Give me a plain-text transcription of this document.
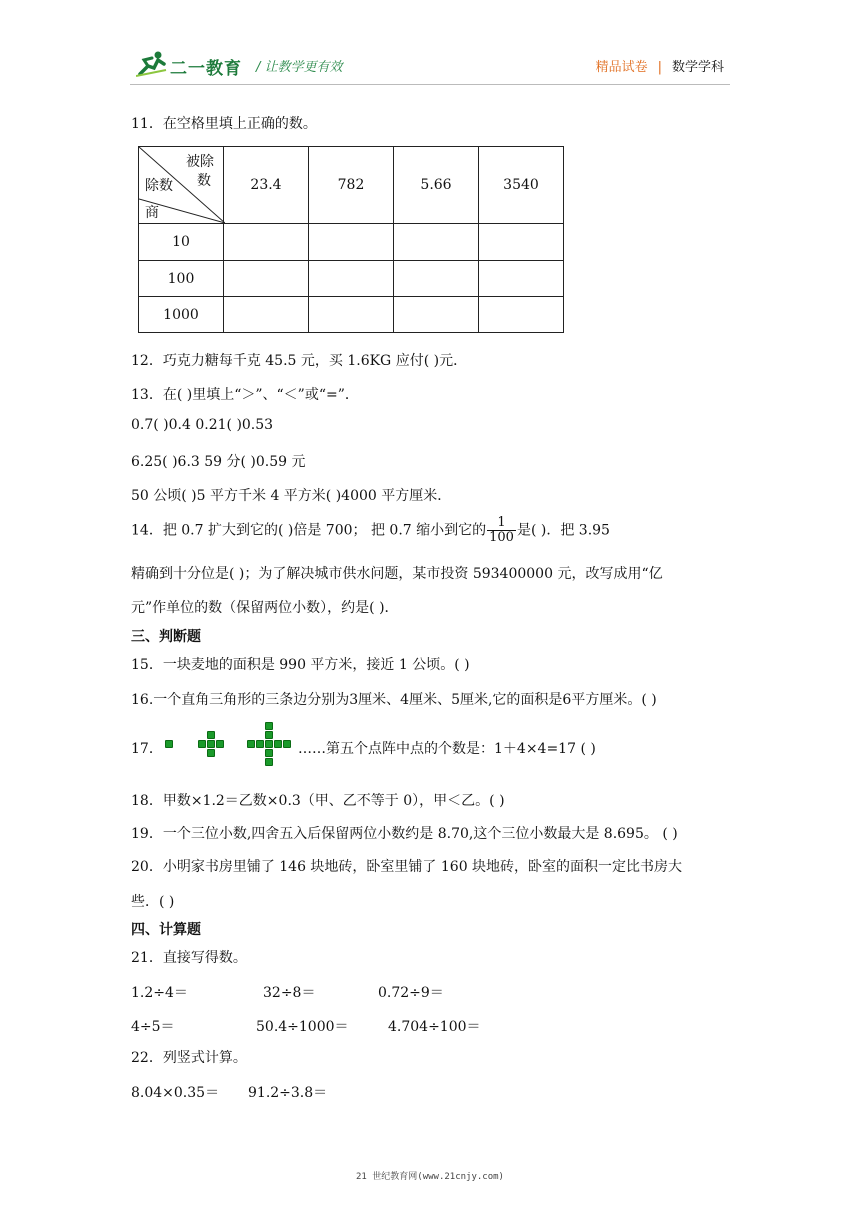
二一教育 / 让教学更有效	精品试卷 | 数学学科
11．在空格里填上正确的数。
被除
数
除数
商	23.4	782	5.66	3540
10				
100				
1000				
12．巧克力糖每千克 45.5 元，买 1.6KG 应付( )元．
13．在( )里填上“＞”、“＜”或“=”．
0.7( )0.4 0.21( )0.53
6.25( )6.3 59 分( )0.59 元
50 公顷( )5 平方千米 4 平方米( )4000 平方厘米．
14．把 0.7 扩大到它的( )倍是 700； 把 0.7 缩小到它的 $\frac{1}{100}$ 是( )．把 3.95
精确到十分位是( )；为了解决城市供水问题，某市投资 593400000 元，改写成用“亿
元”作单位的数（保留两位小数），约是( )．
三、判断题
15．一块麦地的面积是 990 平方米，接近 1 公顷。( )
16.一个直角三角形的三条边分别为3厘米、4厘米、5厘米,它的面积是6平方厘米。( )
17．	……第五个点阵中点的个数是：1＋4×4=17 ( )
18．甲数×1.2＝乙数×0.3（甲、乙不等于 0），甲＜乙。( )
19．一个三位小数,四舍五入后保留两位小数约是 8.70,这个三位小数最大是 8.695。 ( )
20．小明家书房里铺了 146 块地砖，卧室里铺了 160 块地砖，卧室的面积一定比书房大
些．( )
四、计算题
21．直接写得数。
1.2÷4＝	32÷8＝	0.72÷9＝
4÷5＝	50.4÷1000＝	4.704÷100＝
22．列竖式计算。
8.04×0.35＝ 91.2÷3.8＝
21 世纪教育网(www.21cnjy.com)
